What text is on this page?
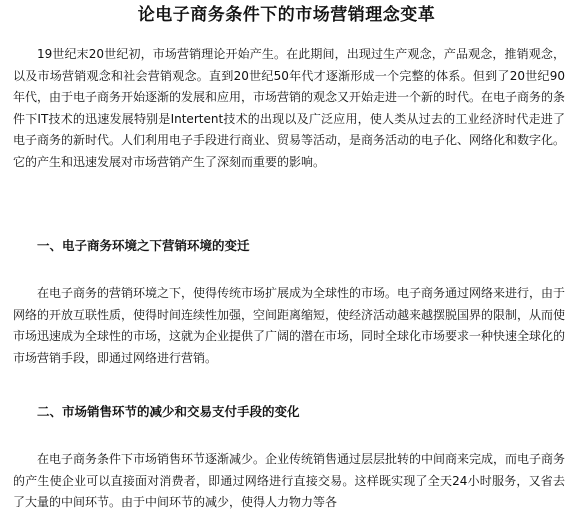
论电子商务条件下的市场营销理念变革

19世纪末20世纪初，市场营销理论开始产生。在此期间，出现过生产观念，产品观念，推销观念，以及市场营销观念和社会营销观念。直到20世纪50年代才逐渐形成一个完整的体系。但到了20世纪90年代，由于电子商务开始逐渐的发展和应用，市场营销的观念又开始走进一个新的时代。在电子商务的条件下IT技术的迅速发展特别是Intertent技术的出现以及广泛应用，使人类从过去的工业经济时代走进了电子商务的新时代。人们利用电子手段进行商业、贸易等活动，是商务活动的电子化、网络化和数字化。它的产生和迅速发展对市场营销产生了深刻而重要的影响。

一、电子商务环境之下营销环境的变迁

在电子商务的营销环境之下，使得传统市场扩展成为全球性的市场。电子商务通过网络来进行，由于网络的开放互联性质，使得时间连续性加强，空间距离缩短，使经济活动越来越摆脱国界的限制，从而使市场迅速成为全球性的市场，这就为企业提供了广阔的潜在市场，同时全球化市场要求一种快速全球化的市场营销手段，即通过网络进行营销。

二、市场销售环节的减少和交易支付手段的变化

在电子商务条件下市场销售环节逐渐减少。企业传统销售通过层层批转的中间商来完成，而电子商务的产生使企业可以直接面对消费者，即通过网络进行直接交易。这样既实现了全天24小时服务，又省去了大量的中间环节。由于中间环节的减少，使得人力物力等各
